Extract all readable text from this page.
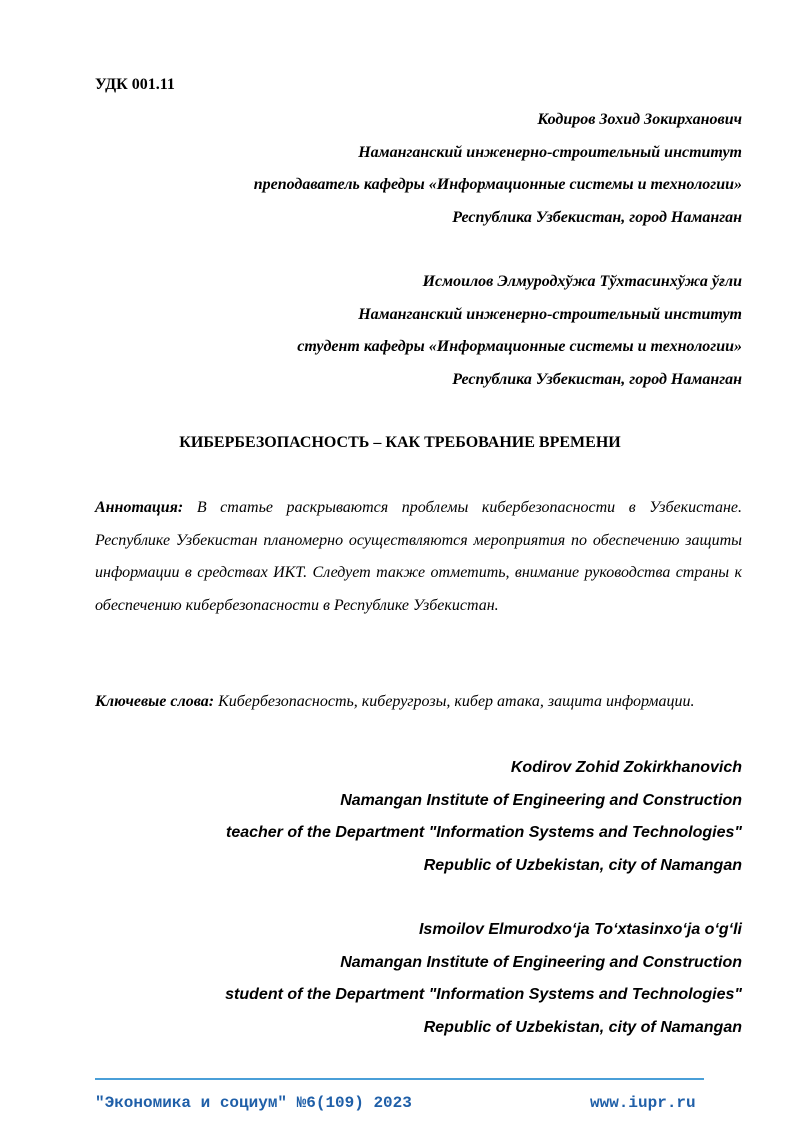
УДК 001.11
Кодиров Зохид Зокирханович
Наманганский инженерно-строительный институт
преподаватель кафедры «Информационные системы и технологии»
Республика Узбекистан, город Наманган
Исмоилов Элмуродхўжа Тўхтасинхўжа ўғли
Наманганский инженерно-строительный институт
студент кафедры «Информационные системы и технологии»
Республика Узбекистан, город Наманган
КИБЕРБЕЗОПАСНОСТЬ – КАК ТРЕБОВАНИЕ ВРЕМЕНИ
Аннотация: В статье раскрываются проблемы кибербезопасности в Узбекистане. Республике Узбекистан планомерно осуществляются мероприятия по обеспечению защиты информации в средствах ИКТ. Следует также отметить, внимание руководства страны к обеспечению кибербезопасности в Республике Узбекистан.
Ключевые слова: Кибербезопасность, киберугрозы, кибер атака, защита информации.
Kodirov Zohid Zokirkhanovich
Namangan Institute of Engineering and Construction
teacher of the Department "Information Systems and Technologies"
Republic of Uzbekistan, city of Namangan
Ismoilov Elmurodxo‘ja To‘xtasinxo‘ja o‘g‘li
Namangan Institute of Engineering and Construction
student of the Department "Information Systems and Technologies"
Republic of Uzbekistan, city of Namangan
"Экономика и социум" №6(109) 2023	www.iupr.ru
